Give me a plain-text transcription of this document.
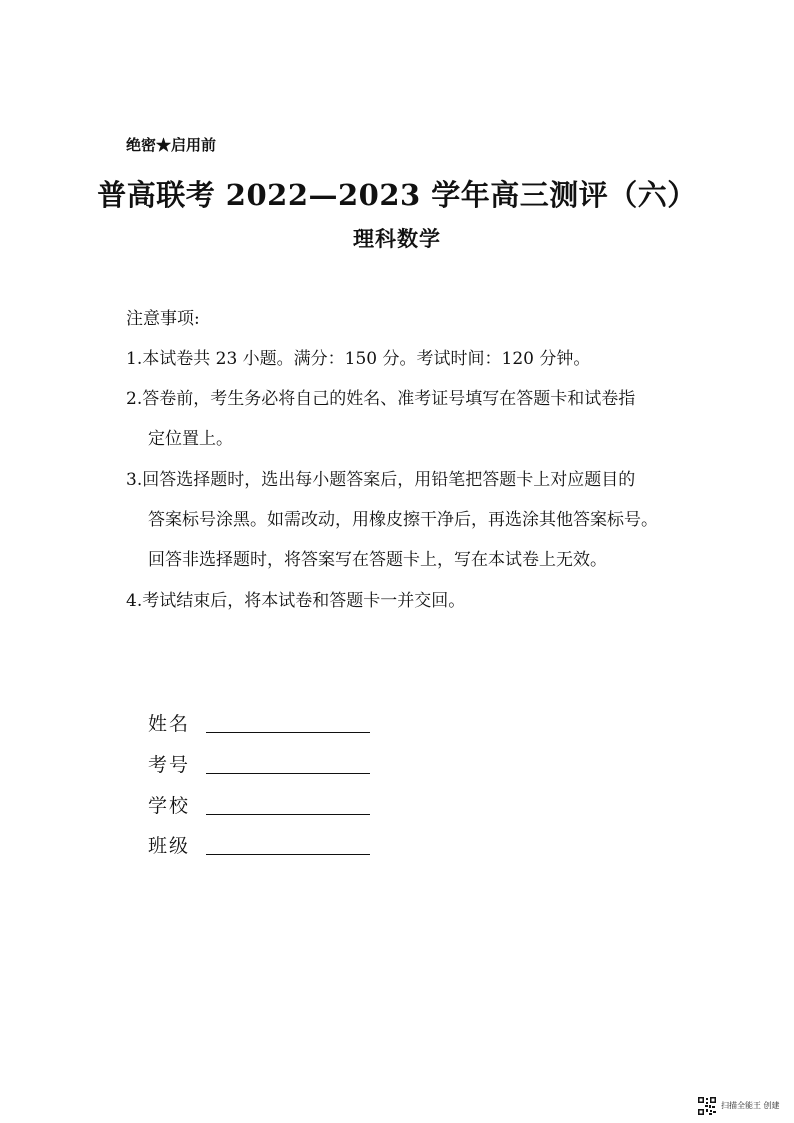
绝密★启用前
普高联考 2022—2023 学年高三测评（六）
理科数学
注意事项:
1.本试卷共 23 小题。满分：150 分。考试时间：120 分钟。
2.答卷前，考生务必将自己的姓名、准考证号填写在答题卡和试卷指
定位置上。
3.回答选择题时，选出每小题答案后，用铅笔把答题卡上对应题目的
答案标号涂黑。如需改动，用橡皮擦干净后，再选涂其他答案标号。
回答非选择题时，将答案写在答题卡上，写在本试卷上无效。
4.考试结束后，将本试卷和答题卡一并交回。
姓名
考号
学校
班级
扫描全能王 创建
